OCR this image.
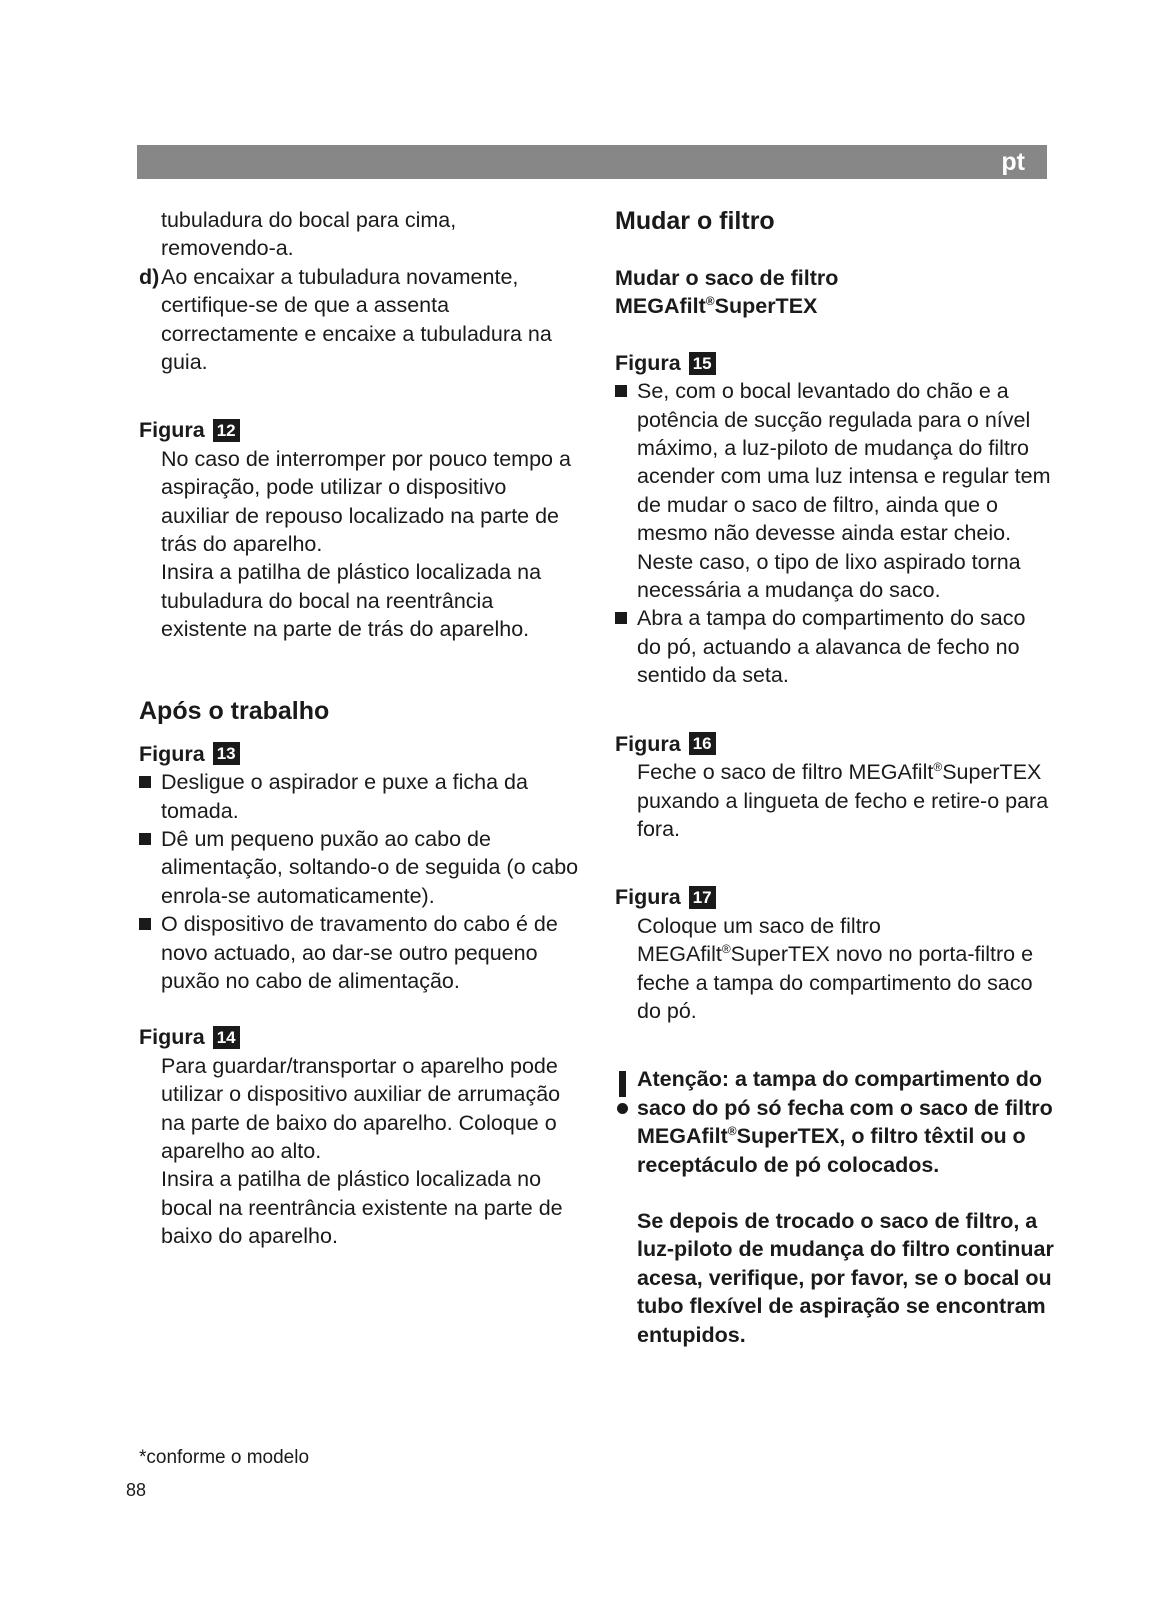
pt

tubuladura do bocal para cima,

removendo-a.

d) Ao encaixar a tubuladura novamente, certifique-se de que a assenta correctamente e encaixe a tubuladura na guia.
Figura 12

No caso de interromper por pouco tempo a aspiração, pode utilizar o dispositivo auxiliar de repouso localizado na parte de trás do aparelho.

Insira a patilha de plástico localizada na tubuladura do bocal na reentrância existente na parte de trás do aparelho.

Após o trabalho
Figura 13
Desligue o aspirador e puxe a ficha da tomada.
Dê um pequeno puxão ao cabo de alimentação, soltando-o de seguida (o cabo enrola-se automaticamente).
O dispositivo de travamento do cabo é de novo actuado, ao dar-se outro pequeno puxão no cabo de alimentação.
Figura 14

Para guardar/transportar o aparelho pode utilizar o dispositivo auxiliar de arrumação na parte de baixo do aparelho. Coloque o aparelho ao alto.

Insira a patilha de plástico localizada no bocal na reentrância existente na parte de baixo do aparelho.

Mudar o filtro
Mudar o saco de filtro
MEGAfilt®SuperTEX
Figura 15
Se, com o bocal levantado do chão e a potência de sucção regulada para o nível máximo, a luz-piloto de mudança do filtro acender com uma luz intensa e regular tem de mudar o saco de filtro, ainda que o mesmo não devesse ainda estar cheio.
Neste caso, o tipo de lixo aspirado torna necessária a mudança do saco.
Abra a tampa do compartimento do saco do pó, actuando a alavanca de fecho no sentido da seta.
Figura 16

Feche o saco de filtro MEGAfilt®SuperTEX puxando a lingueta de fecho e retire-o para fora.

Figura 17

Coloque um saco de filtro MEGAfilt®SuperTEX novo no porta-filtro e feche a tampa do compartimento do saco do pó.

Atenção: a tampa do compartimento do saco do pó só fecha com o saco de filtro MEGAfilt®SuperTEX, o filtro têxtil ou o receptáculo de pó colocados.

Se depois de trocado o saco de filtro, a luz-piloto de mudança do filtro continuar acesa, verifique, por favor, se o bocal ou tubo flexível de aspiração se encontram entupidos.

*conforme o modelo
88
